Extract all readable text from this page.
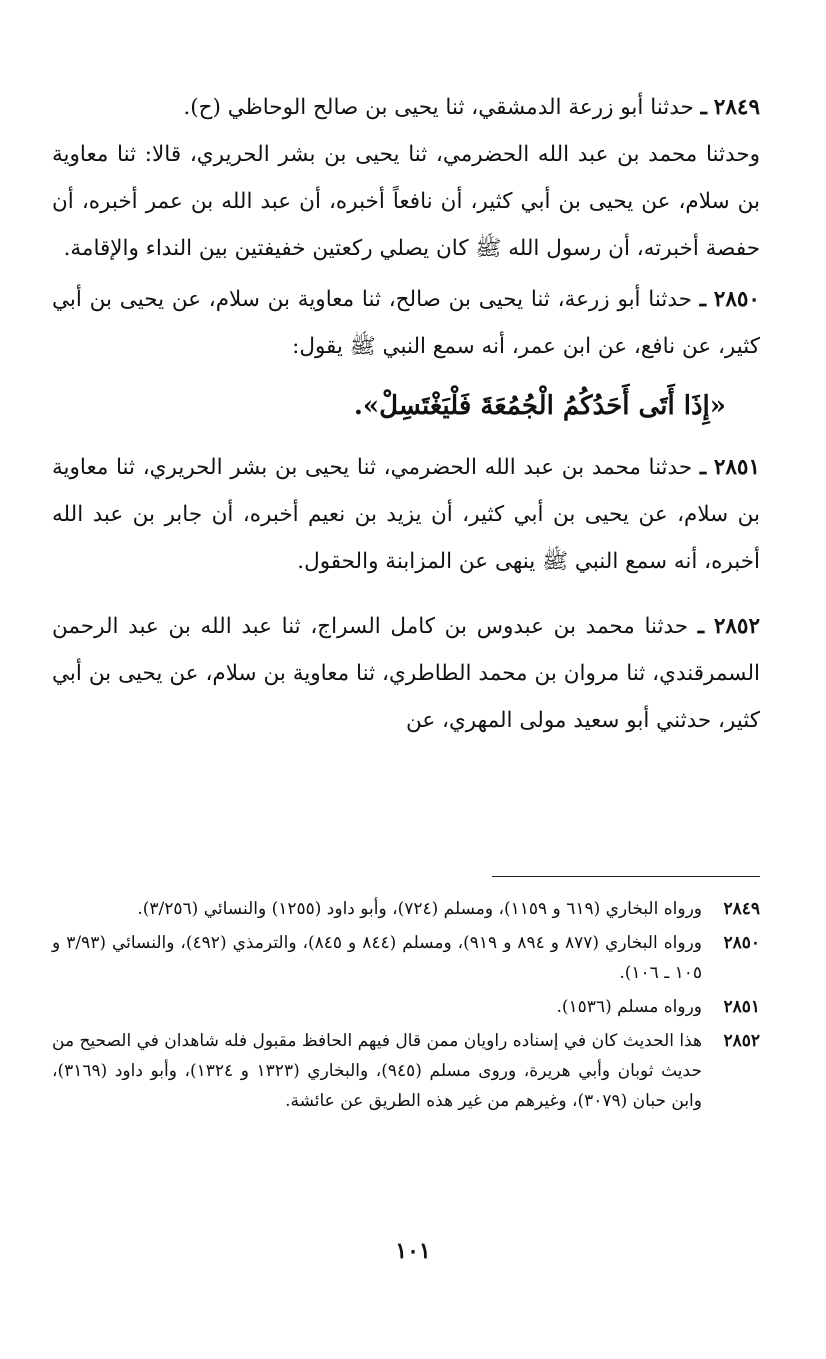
٢٨٤٩ ـ حدثنا أبو زرعة الدمشقي، ثنا يحيى بن صالح الوحاظي (ح).
وحدثنا محمد بن عبد الله الحضرمي، ثنا يحيى بن بشر الحريري، قالا: ثنا معاوية بن سلام، عن يحيى بن أبي كثير، أن نافعاً أخبره، أن عبد الله بن عمر أخبره، أن حفصة أخبرته، أن رسول الله ﷺ كان يصلي ركعتين خفيفتين بين النداء والإقامة.
٢٨٥٠ ـ حدثنا أبو زرعة، ثنا يحيى بن صالح، ثنا معاوية بن سلام، عن يحيى بن أبي كثير، عن نافع، عن ابن عمر، أنه سمع النبي ﷺ يقول:
«إِذَا أَتَى أَحَدُكُمُ الْجُمُعَةَ فَلْيَغْتَسِلْ».
٢٨٥١ ـ حدثنا محمد بن عبد الله الحضرمي، ثنا يحيى بن بشر الحريري، ثنا معاوية بن سلام، عن يحيى بن أبي كثير، أن يزيد بن نعيم أخبره، أن جابر بن عبد الله أخبره، أنه سمع النبي ﷺ ينهى عن المزابنة والحقول.
٢٨٥٢ ـ حدثنا محمد بن عبدوس بن كامل السراج، ثنا عبد الله بن عبد الرحمن السمرقندي، ثنا مروان بن محمد الطاطري، ثنا معاوية بن سلام، عن يحيى بن أبي كثير، حدثني أبو سعيد مولى المهري، عن
٢٨٤٩
ورواه البخاري (٦١٩ و ١١٥٩)، ومسلم (٧٢٤)، وأبو داود (١٢٥٥) والنسائي (٣/٢٥٦).
٢٨٥٠
ورواه البخاري (٨٧٧ و ٨٩٤ و ٩١٩)، ومسلم (٨٤٤ و ٨٤٥)، والترمذي (٤٩٢)، والنسائي (٣/٩٣ و ١٠٥ ـ ١٠٦).
٢٨٥١
ورواه مسلم (١٥٣٦).
٢٨٥٢
هذا الحديث كان في إسناده راويان ممن قال فيهم الحافظ مقبول فله شاهدان في الصحيح من حديث ثوبان وأبي هريرة، وروى مسلم (٩٤٥)، والبخاري (١٣٢٣ و ١٣٢٤)، وأبو داود (٣١٦٩)، وابن حبان (٣٠٧٩)، وغيرهم من غير هذه الطريق عن عائشة.
١٠١
